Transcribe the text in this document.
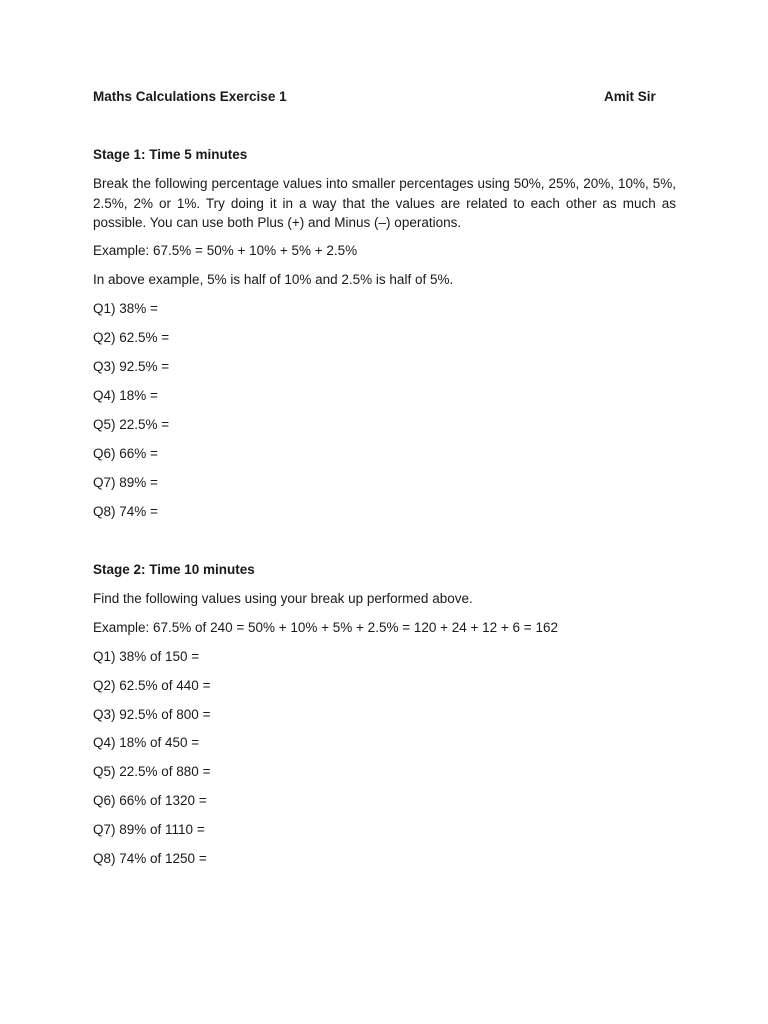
Maths Calculations Exercise 1	Amit Sir
Stage 1: Time 5 minutes
Break the following percentage values into smaller percentages using 50%, 25%, 20%, 10%, 5%, 2.5%, 2% or 1%. Try doing it in a way that the values are related to each other as much as possible. You can use both Plus (+) and Minus (–) operations.
Example: 67.5% = 50% + 10% + 5% + 2.5%
In above example, 5% is half of 10% and 2.5% is half of 5%.
Q1) 38% =
Q2) 62.5% =
Q3) 92.5% =
Q4) 18% =
Q5) 22.5% =
Q6) 66% =
Q7) 89% =
Q8) 74% =
Stage 2: Time 10 minutes
Find the following values using your break up performed above.
Example: 67.5% of 240 = 50% + 10% + 5% + 2.5% = 120 + 24 + 12 + 6 = 162
Q1) 38% of 150 =
Q2) 62.5% of 440 =
Q3) 92.5% of 800 =
Q4) 18% of 450 =
Q5) 22.5% of 880 =
Q6) 66% of 1320 =
Q7) 89% of 1110 =
Q8) 74% of 1250 =
